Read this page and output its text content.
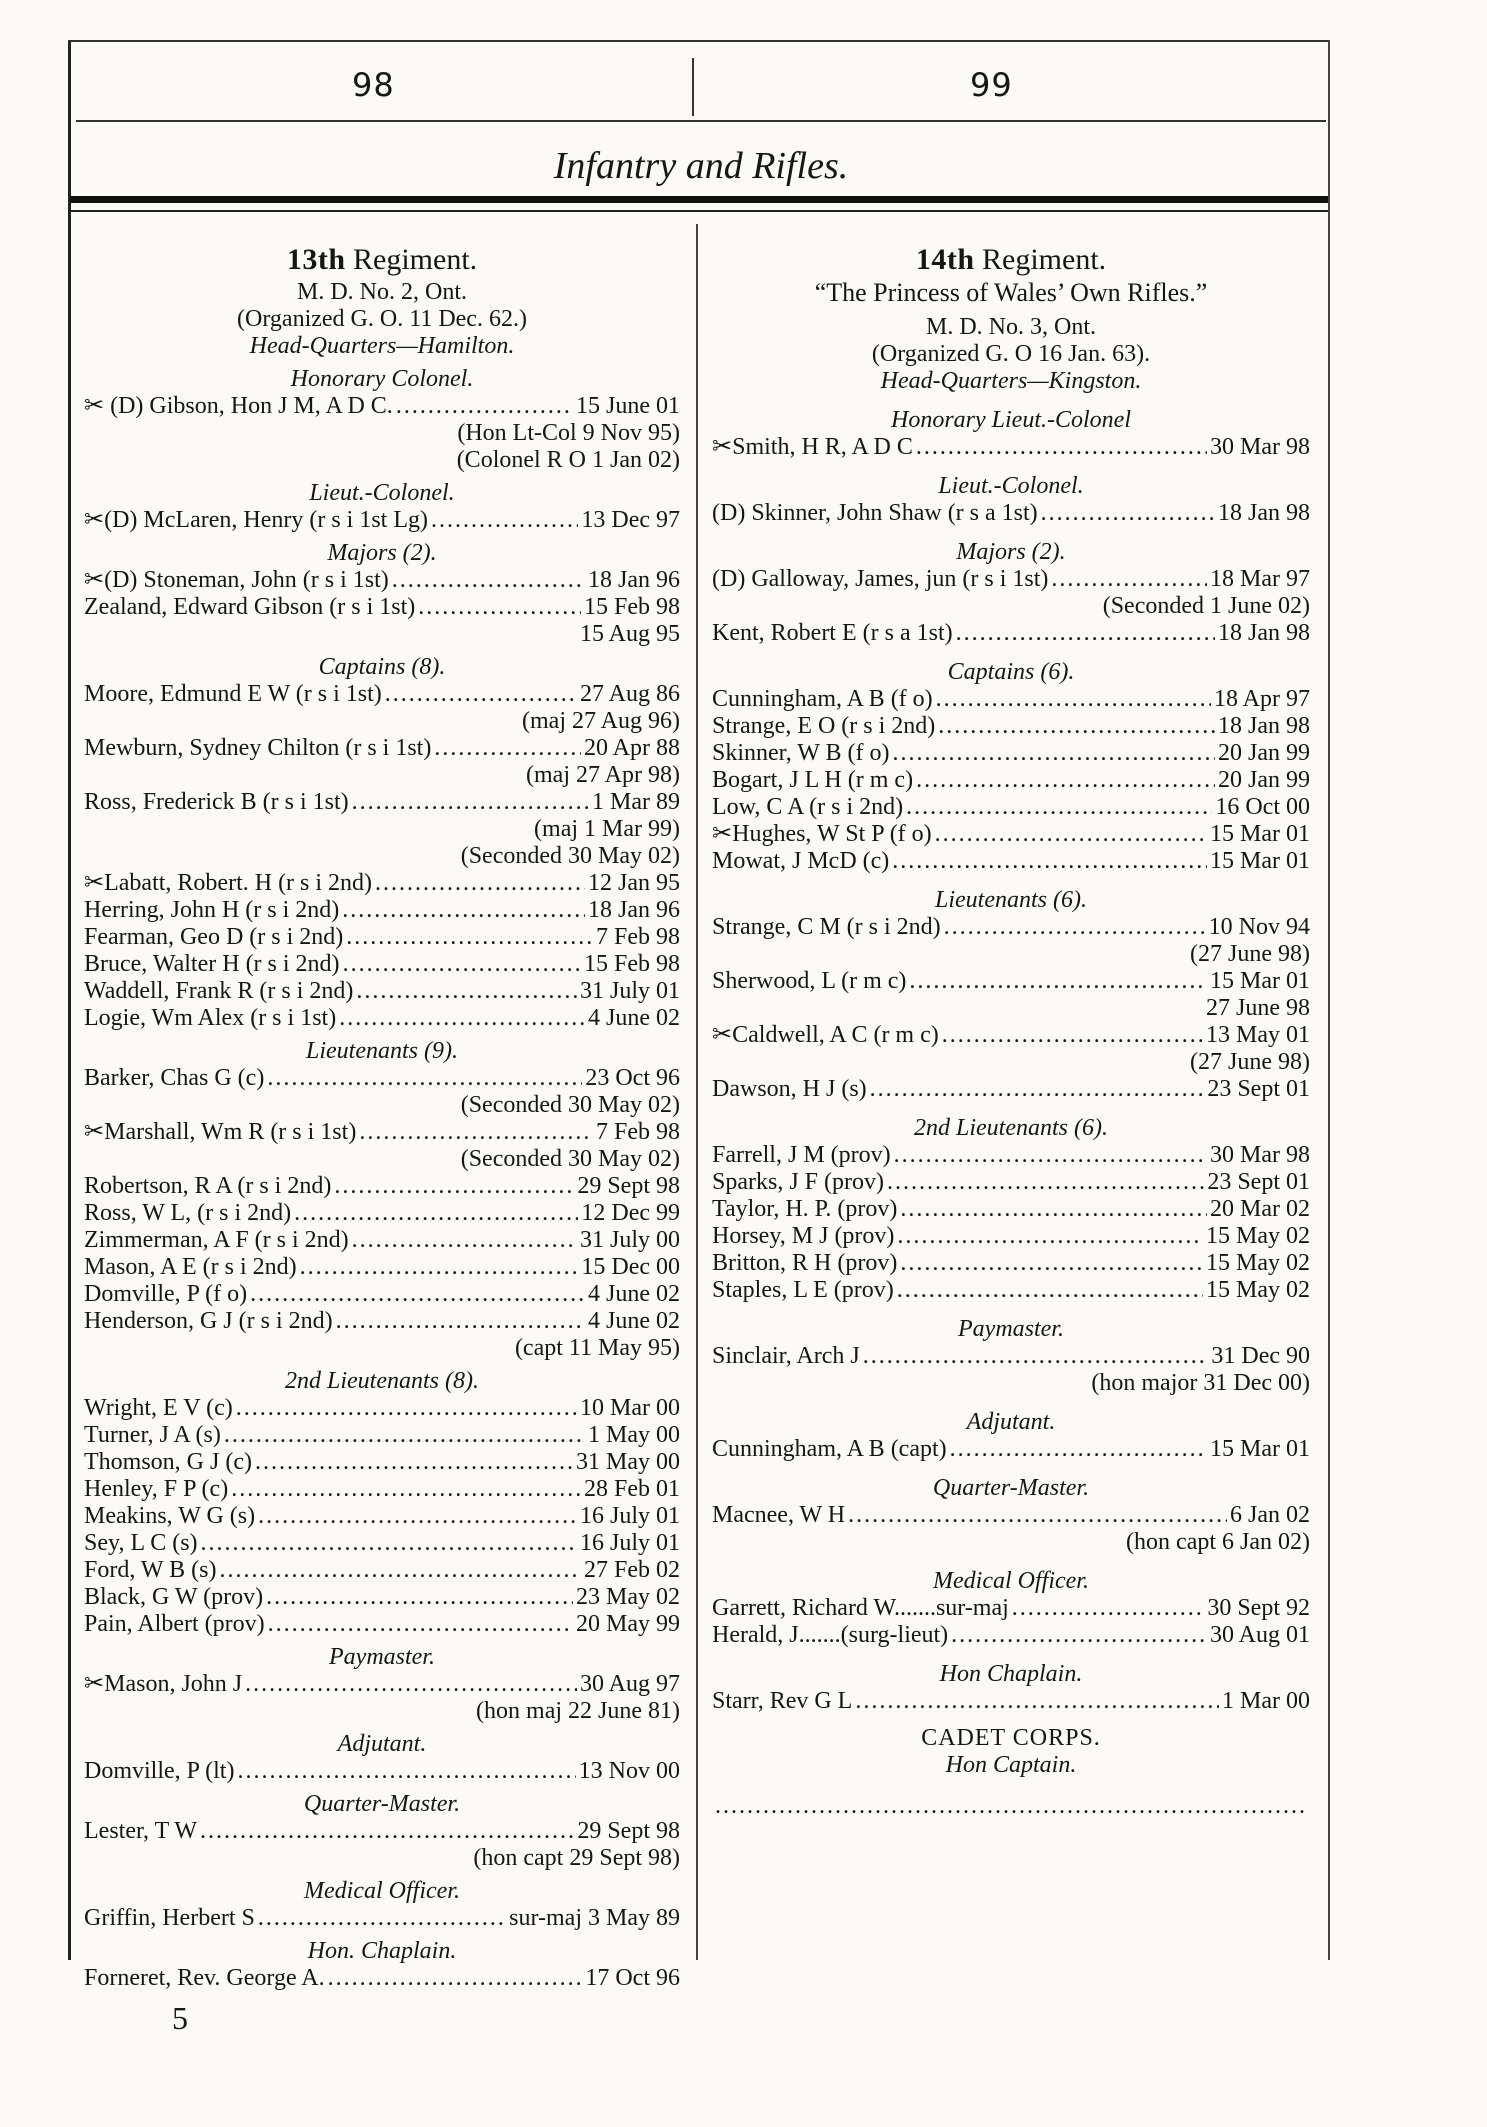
98	99
Infantry and Rifles.
13th Regiment.
M. D. No. 2, Ont.
(Organized G. O. 11 Dec. 62.)
Head-Quarters—Hamilton.
Honorary Colonel.
✂ (D) Gibson, Hon J M, A D C. .....	15 June 01
(Hon Lt-Col 9 Nov 95)
(Colonel R O 1 Jan 02)
Lieut.-Colonel.
✂(D) McLaren, Henry (r s i 1st Lg) .....	13 Dec 97
Majors (2).
✂(D) Stoneman, John (r s i 1st) .....	18 Jan 96
Zealand, Edward Gibson (r s i 1st) .....	15 Feb 98
15 Aug 95
Captains (8).
Moore, Edmund E W (r s i 1st) .....	27 Aug 86
(maj 27 Aug 96)
Mewburn, Sydney Chilton (r s i 1st) .....	20 Apr 88
(maj 27 Apr 98)
Ross, Frederick B (r s i 1st) .....	1 Mar 89
(maj 1 Mar 99)
(Seconded 30 May 02)
✂Labatt, Robert. H (r s i 2nd) .....	12 Jan 95
Herring, John H (r s i 2nd) .....	18 Jan 96
Fearman, Geo D (r s i 2nd) .....	7 Feb 98
Bruce, Walter H (r s i 2nd) .....	15 Feb 98
Waddell, Frank R (r s i 2nd) .....	31 July 01
Logie, Wm Alex (r s i 1st) .....	4 June 02
Lieutenants (9).
Barker, Chas G (c) .....	23 Oct 96
(Seconded 30 May 02)
✂Marshall, Wm R (r s i 1st) .....	7 Feb 98
(Seconded 30 May 02)
Robertson, R A (r s i 2nd) .....	29 Sept 98
Ross, W L, (r s i 2nd) .....	12 Dec 99
Zimmerman, A F (r s i 2nd) .....	31 July 00
Mason, A E (r s i 2nd) .....	15 Dec 00
Domville, P (f o) .....	4 June 02
Henderson, G J (r s i 2nd) .....	4 June 02
(capt 11 May 95)
2nd Lieutenants (8).
Wright, E V (c) .....	10 Mar 00
Turner, J A (s) .....	1 May 00
Thomson, G J (c) .....	31 May 00
Henley, F P (c) .....	28 Feb 01
Meakins, W G (s) .....	16 July 01
Sey, L C (s) .....	16 July 01
Ford, W B (s) .....	27 Feb 02
Black, G W (prov) .....	23 May 02
Pain, Albert (prov) .....	20 May 99
Paymaster.
✂Mason, John J .....	30 Aug 97
(hon maj 22 June 81)
Adjutant.
Domville, P (lt) .....	13 Nov 00
Quarter-Master.
Lester, T W .....	29 Sept 98
(hon capt 29 Sept 98)
Medical Officer.
Griffin, Herbert S .....	sur-maj 3 May 89
Hon. Chaplain.
Forneret, Rev. George A. .....	17 Oct 96
14th Regiment.
“The Princess of Wales’ Own Rifles.”
M. D. No. 3, Ont.
(Organized G. O 16 Jan. 63).
Head-Quarters—Kingston.
Honorary Lieut.-Colonel
✂Smith, H R, A D C .....	30 Mar 98
Lieut.-Colonel.
(D) Skinner, John Shaw (r s a 1st) .....	18 Jan 98
Majors (2).
(D) Galloway, James, jun (r s i 1st) .....	18 Mar 97
(Seconded 1 June 02)
Kent, Robert E (r s a 1st) .....	18 Jan 98
Captains (6).
Cunningham, A B (f o) .....	18 Apr 97
Strange, E O (r s i 2nd) .....	18 Jan 98
Skinner, W B (f o) .....	20 Jan 99
Bogart, J L H (r m c) .....	20 Jan 99
Low, C A (r s i 2nd) .....	16 Oct 00
✂Hughes, W St P (f o) .....	15 Mar 01
Mowat, J McD (c) .....	15 Mar 01
Lieutenants (6).
Strange, C M (r s i 2nd) .....	10 Nov 94
(27 June 98)
Sherwood, L (r m c) .....	15 Mar 01
27 June 98
✂Caldwell, A C (r m c) .....	13 May 01
(27 June 98)
Dawson, H J (s) .....	23 Sept 01
2nd Lieutenants (6).
Farrell, J M (prov) .....	30 Mar 98
Sparks, J F (prov) .....	23 Sept 01
Taylor, H. P. (prov) .....	20 Mar 02
Horsey, M J (prov) .....	15 May 02
Britton, R H (prov) .....	15 May 02
Staples, L E (prov) .....	15 May 02
Paymaster.
Sinclair, Arch J .....	31 Dec 90
(hon major 31 Dec 00)
Adjutant.
Cunningham, A B (capt) .....	15 Mar 01
Quarter-Master.
Macnee, W H .....	6 Jan 02
(hon capt 6 Jan 02)
Medical Officer.
Garrett, Richard W.......sur-maj .....	30 Sept 92
Herald, J.......(surg-lieut) .....	30 Aug 01
Hon Chaplain.
Starr, Rev G L .....	1 Mar 00
CADET CORPS.
Hon Captain.
.....
5
